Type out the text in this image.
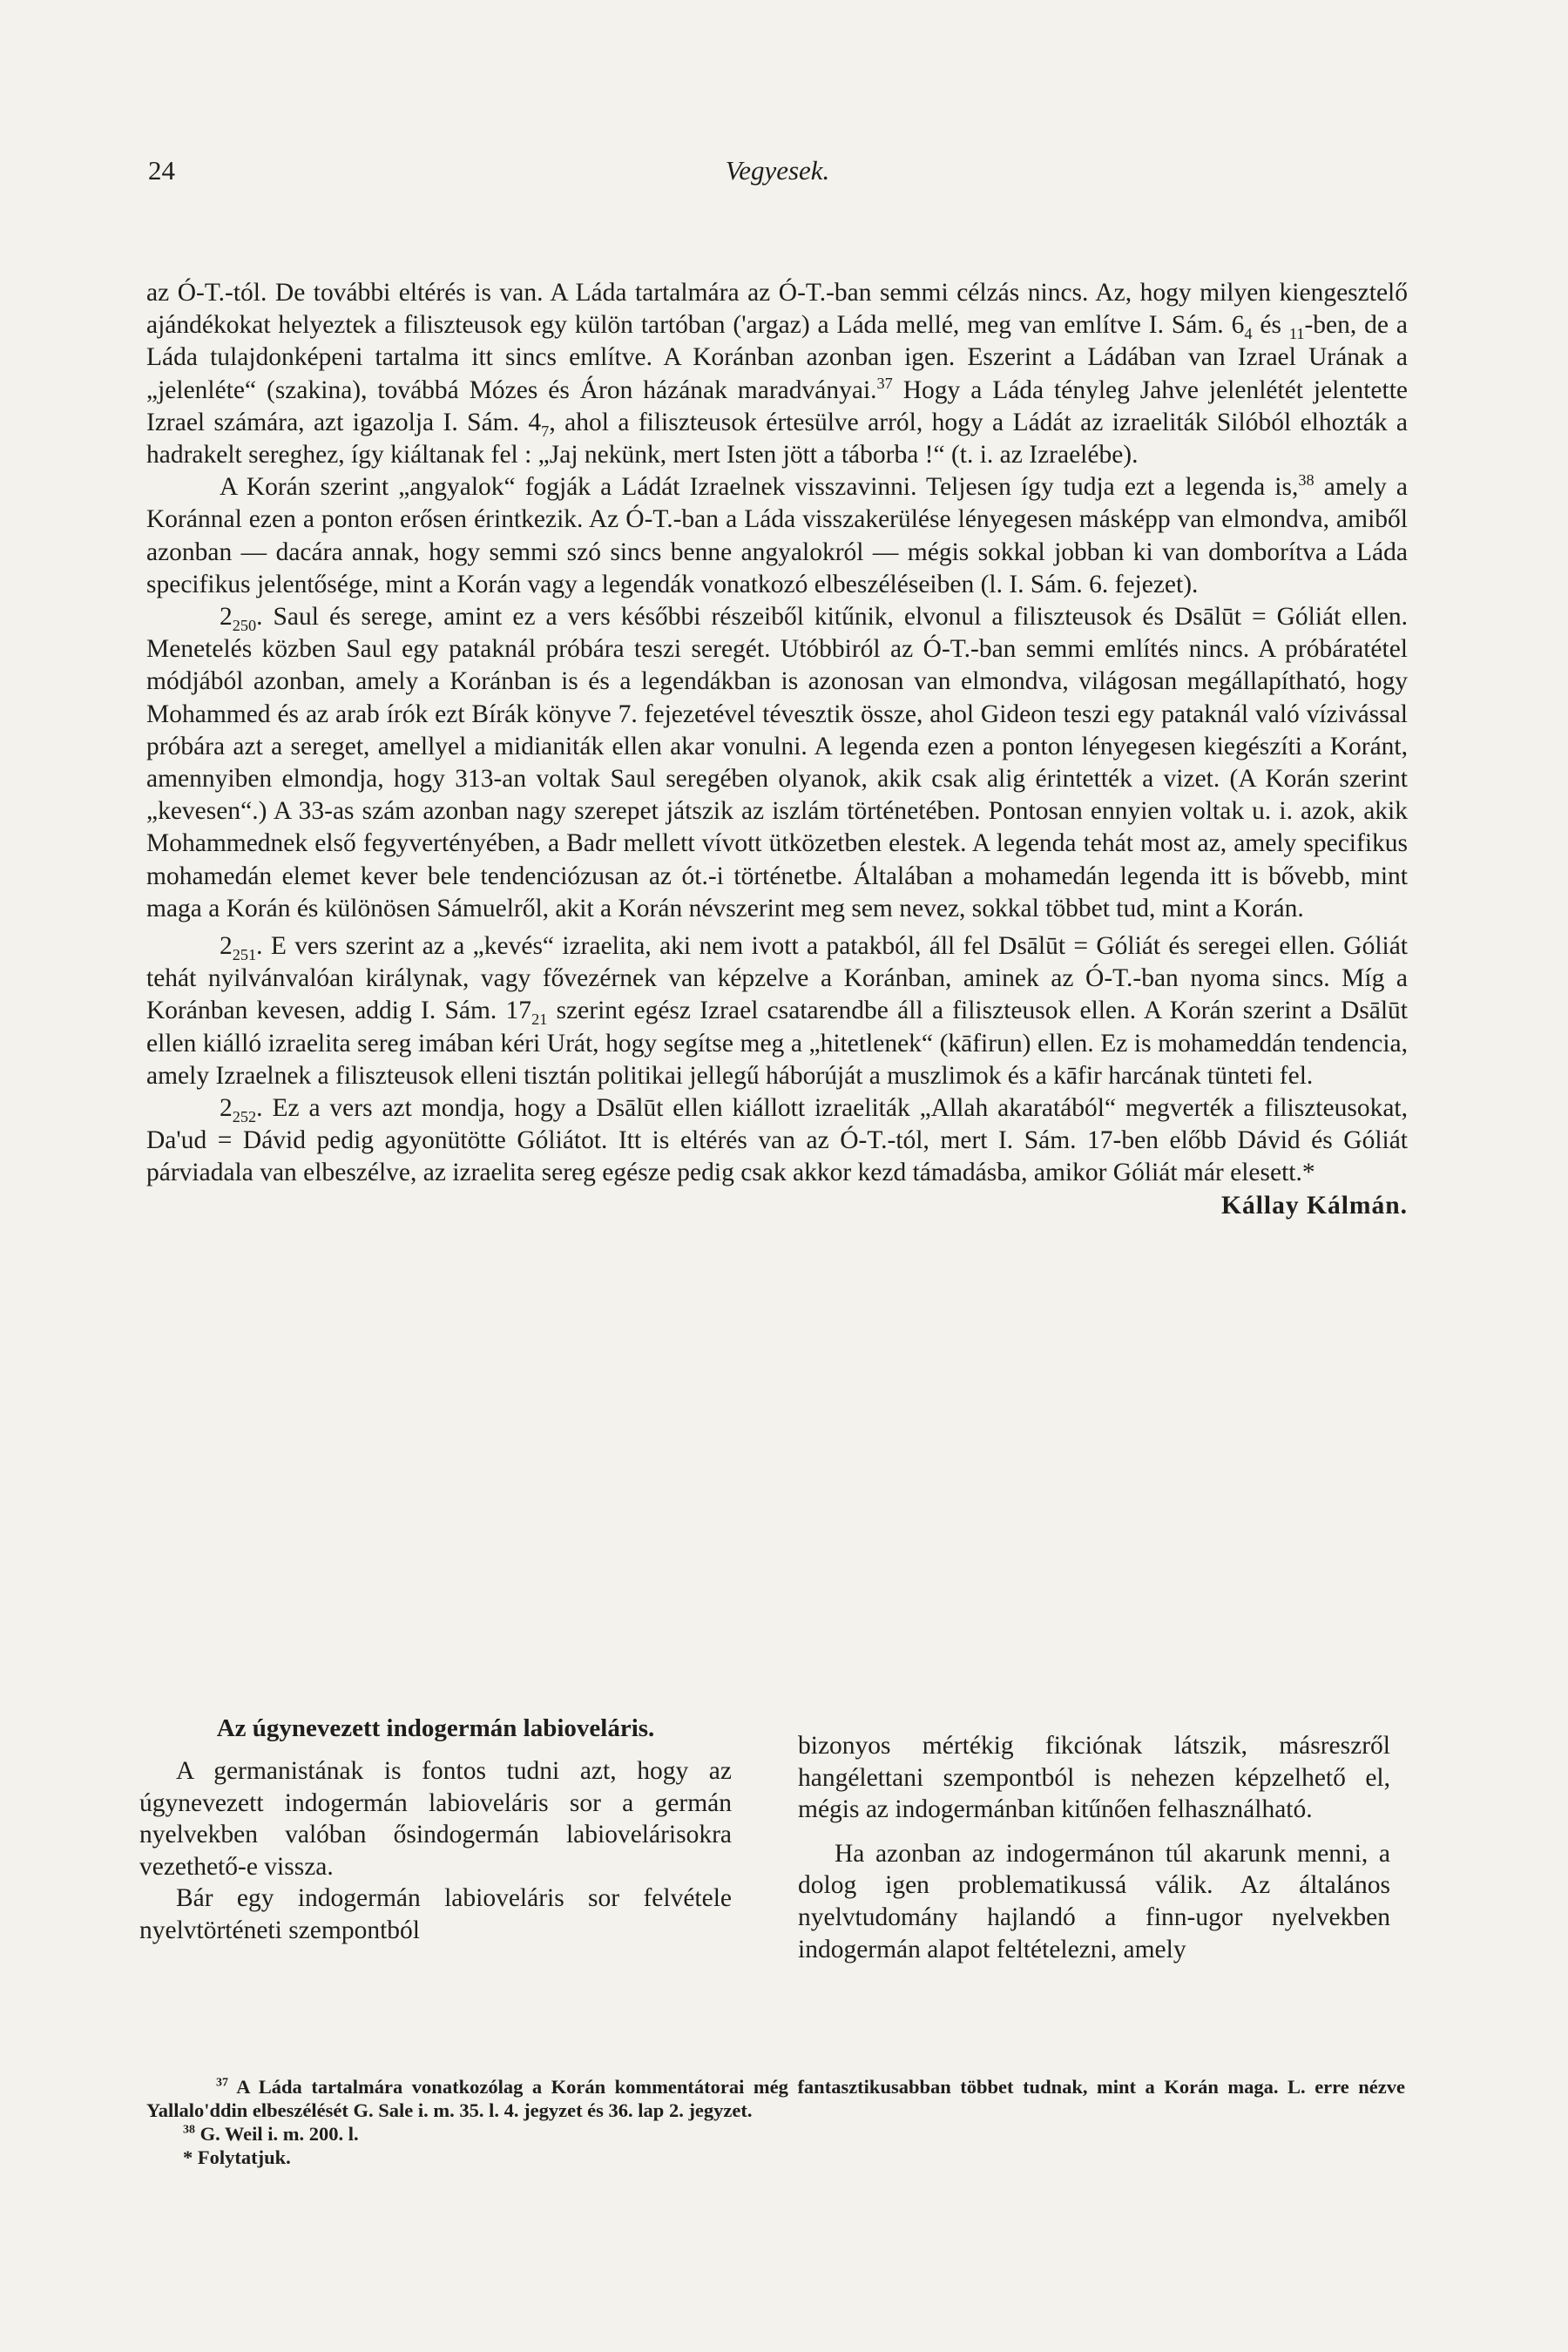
24	Vegyesek.

az Ó-T.-tól. De további eltérés is van. A Láda tartalmára az Ó-T.-ban semmi célzás nincs. Az, hogy milyen kiengesztelő ajándékokat helyeztek a filiszteusok egy külön tartóban ('argaz) a Láda mellé, meg van említve I. Sám. $6_4$ és $_{11}$-ben, de a Láda tulajdonképeni tartalma itt sincs említve. A Koránban azonban igen. Eszerint a Ládában van Izrael Urának a „jelenléte“ (szakina), továbbá Mózes és Áron házának maradványai.$^{37}$ Hogy a Láda tényleg Jahve jelenlétét jelentette Izrael számára, azt igazolja I. Sám. $4_7$, ahol a filiszteusok értesülve arról, hogy a Ládát az izraeliták Silóból elhozták a hadrakelt sereghez, így kiáltanak fel : „Jaj nekünk, mert Isten jött a táborba !“ (t. i. az Izraelébe).

A Korán szerint „angyalok“ fogják a Ládát Izraelnek visszavinni. Teljesen így tudja ezt a legenda is,$^{38}$ amely a Koránnal ezen a ponton erősen érintkezik. Az Ó-T.-ban a Láda visszakerülése lényegesen másképp van elmondva, amiből azonban — dacára annak, hogy semmi szó sincs benne angyalokról — mégis sokkal jobban ki van domborítva a Láda specifikus jelentősége, mint a Korán vagy a legendák vonatkozó elbeszéléseiben (l. I. Sám. 6. fejezet).

$2_{250}$. Saul és serege, amint ez a vers későbbi részeiből kitűnik, elvonul a filiszteusok és Dsālūt = Góliát ellen. Menetelés közben Saul egy pataknál próbára teszi seregét. Utóbbiról az Ó-T.-ban semmi említés nincs. A próbáratétel módjából azonban, amely a Koránban is és a legendákban is azonosan van elmondva, világosan megállapítható, hogy Mohammed és az arab írók ezt Bírák könyve 7. fejezetével tévesztik össze, ahol Gideon teszi egy pataknál való vízivással próbára azt a sereget, amellyel a midianiták ellen akar vonulni. A legenda ezen a ponton lényegesen kiegészíti a Koránt, amennyiben elmondja, hogy 313-an voltak Saul seregében olyanok, akik csak alig érintették a vizet. (A Korán szerint „kevesen“.) A 33-as szám azonban nagy szerepet játszik az iszlám történetében. Pontosan ennyien voltak u. i. azok, akik Mohammednek első fegyvertényében, a Badr mellett vívott ütközetben elestek. A legenda tehát most az, amely specifikus mohamedán elemet kever bele tendenciózusan az ót.-i történetbe. Általában a mohamedán legenda itt is bővebb, mint maga a Korán és különösen Sámuelről, akit a Korán névszerint meg sem nevez, sokkal többet tud, mint a Korán.

$2_{251}$. E vers szerint az a „kevés“ izraelita, aki nem ivott a patakból, áll fel Dsālūt = Góliát és seregei ellen. Góliát tehát nyilvánvalóan királynak, vagy fővezérnek van képzelve a Koránban, aminek az Ó-T.-ban nyoma sincs. Míg a Koránban kevesen, addig I. Sám. $17_{21}$ szerint egész Izrael csatarendbe áll a filiszteusok ellen. A Korán szerint a Dsālūt ellen kiálló izraelita sereg imában kéri Urát, hogy segítse meg a „hitetlenek“ (kāfirun) ellen. Ez is mohameddán tendencia, amely Izraelnek a filiszteusok elleni tisztán politikai jellegű háborúját a muszlimok és a kāfir harcának tünteti fel.

$2_{252}$. Ez a vers azt mondja, hogy a Dsālūt ellen kiállott izraeliták „Allah akaratából“ megverték a filiszteusokat, Da'ud = Dávid pedig agyonütötte Góliátot. Itt is eltérés van az Ó-T.-tól, mert I. Sám. 17-ben előbb Dávid és Góliát párviadala van elbeszélve, az izraelita sereg egésze pedig csak akkor kezd támadásba, amikor Góliát már elesett.*

Kállay Kálmán.

Az úgynevezett indogermán labioveláris.

A germanistának is fontos tudni azt, hogy az úgynevezett indogermán labioveláris sor a germán nyelvekben valóban ősindogermán labiovelárisokra vezethető-e vissza.

Bár egy indogermán labioveláris sor felvétele nyelvtörténeti szempontból

bizonyos mértékig fikciónak látszik, másreszről hangélettani szempontból is nehezen képzelhető el, mégis az indogermánban kitűnően felhasználható.

Ha azonban az indogermánon túl akarunk menni, a dolog igen problematikussá válik. Az általános nyelvtudomány hajlandó a finn-ugor nyelvekben indogermán alapot feltételezni, amely

$^{37}$ A Láda tartalmára vonatkozólag a Korán kommentátorai még fantasztikusabban többet tudnak, mint a Korán maga. L. erre nézve Yallalo'ddin elbeszélését G. Sale i. m. 35. l. 4. jegyzet és 36. lap 2. jegyzet.

$^{38}$ G. Weil i. m. 200. l.

* Folytatjuk.
